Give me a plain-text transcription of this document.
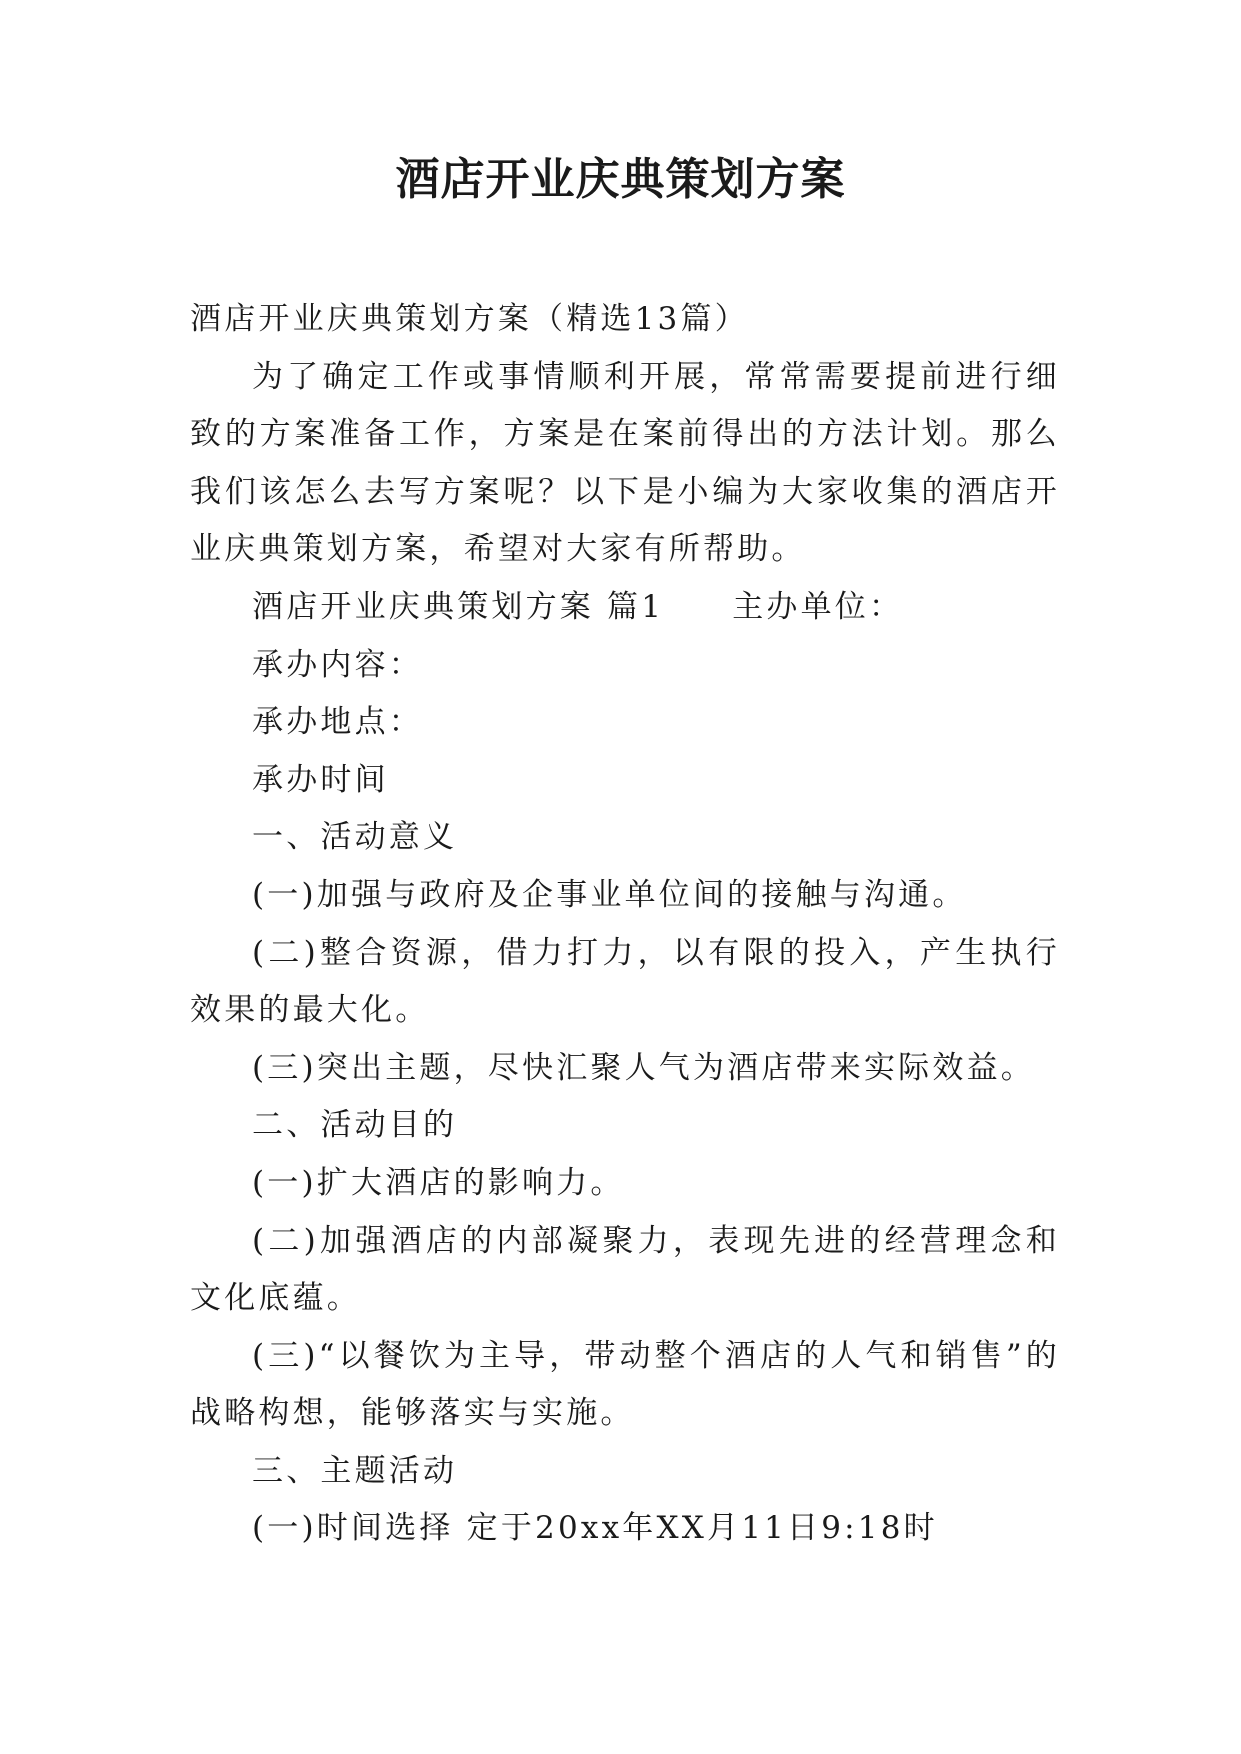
酒店开业庆典策划方案

酒店开业庆典策划方案（精选13篇）

为了确定工作或事情顺利开展，常常需要提前进行细致的方案准备工作，方案是在案前得出的方法计划。那么我们该怎么去写方案呢？以下是小编为大家收集的酒店开业庆典策划方案，希望对大家有所帮助。

酒店开业庆典策划方案 篇1 主办单位：

承办内容：

承办地点：

承办时间

一、活动意义

(一)加强与政府及企事业单位间的接触与沟通。

(二)整合资源，借力打力，以有限的投入，产生执行效果的最大化。

(三)突出主题，尽快汇聚人气为酒店带来实际效益。

二、活动目的

(一)扩大酒店的影响力。

(二)加强酒店的内部凝聚力，表现先进的经营理念和文化底蕴。

(三)“以餐饮为主导，带动整个酒店的人气和销售”的战略构想，能够落实与实施。

三、主题活动

(一)时间选择 定于20xx年XX月11日9:18时
